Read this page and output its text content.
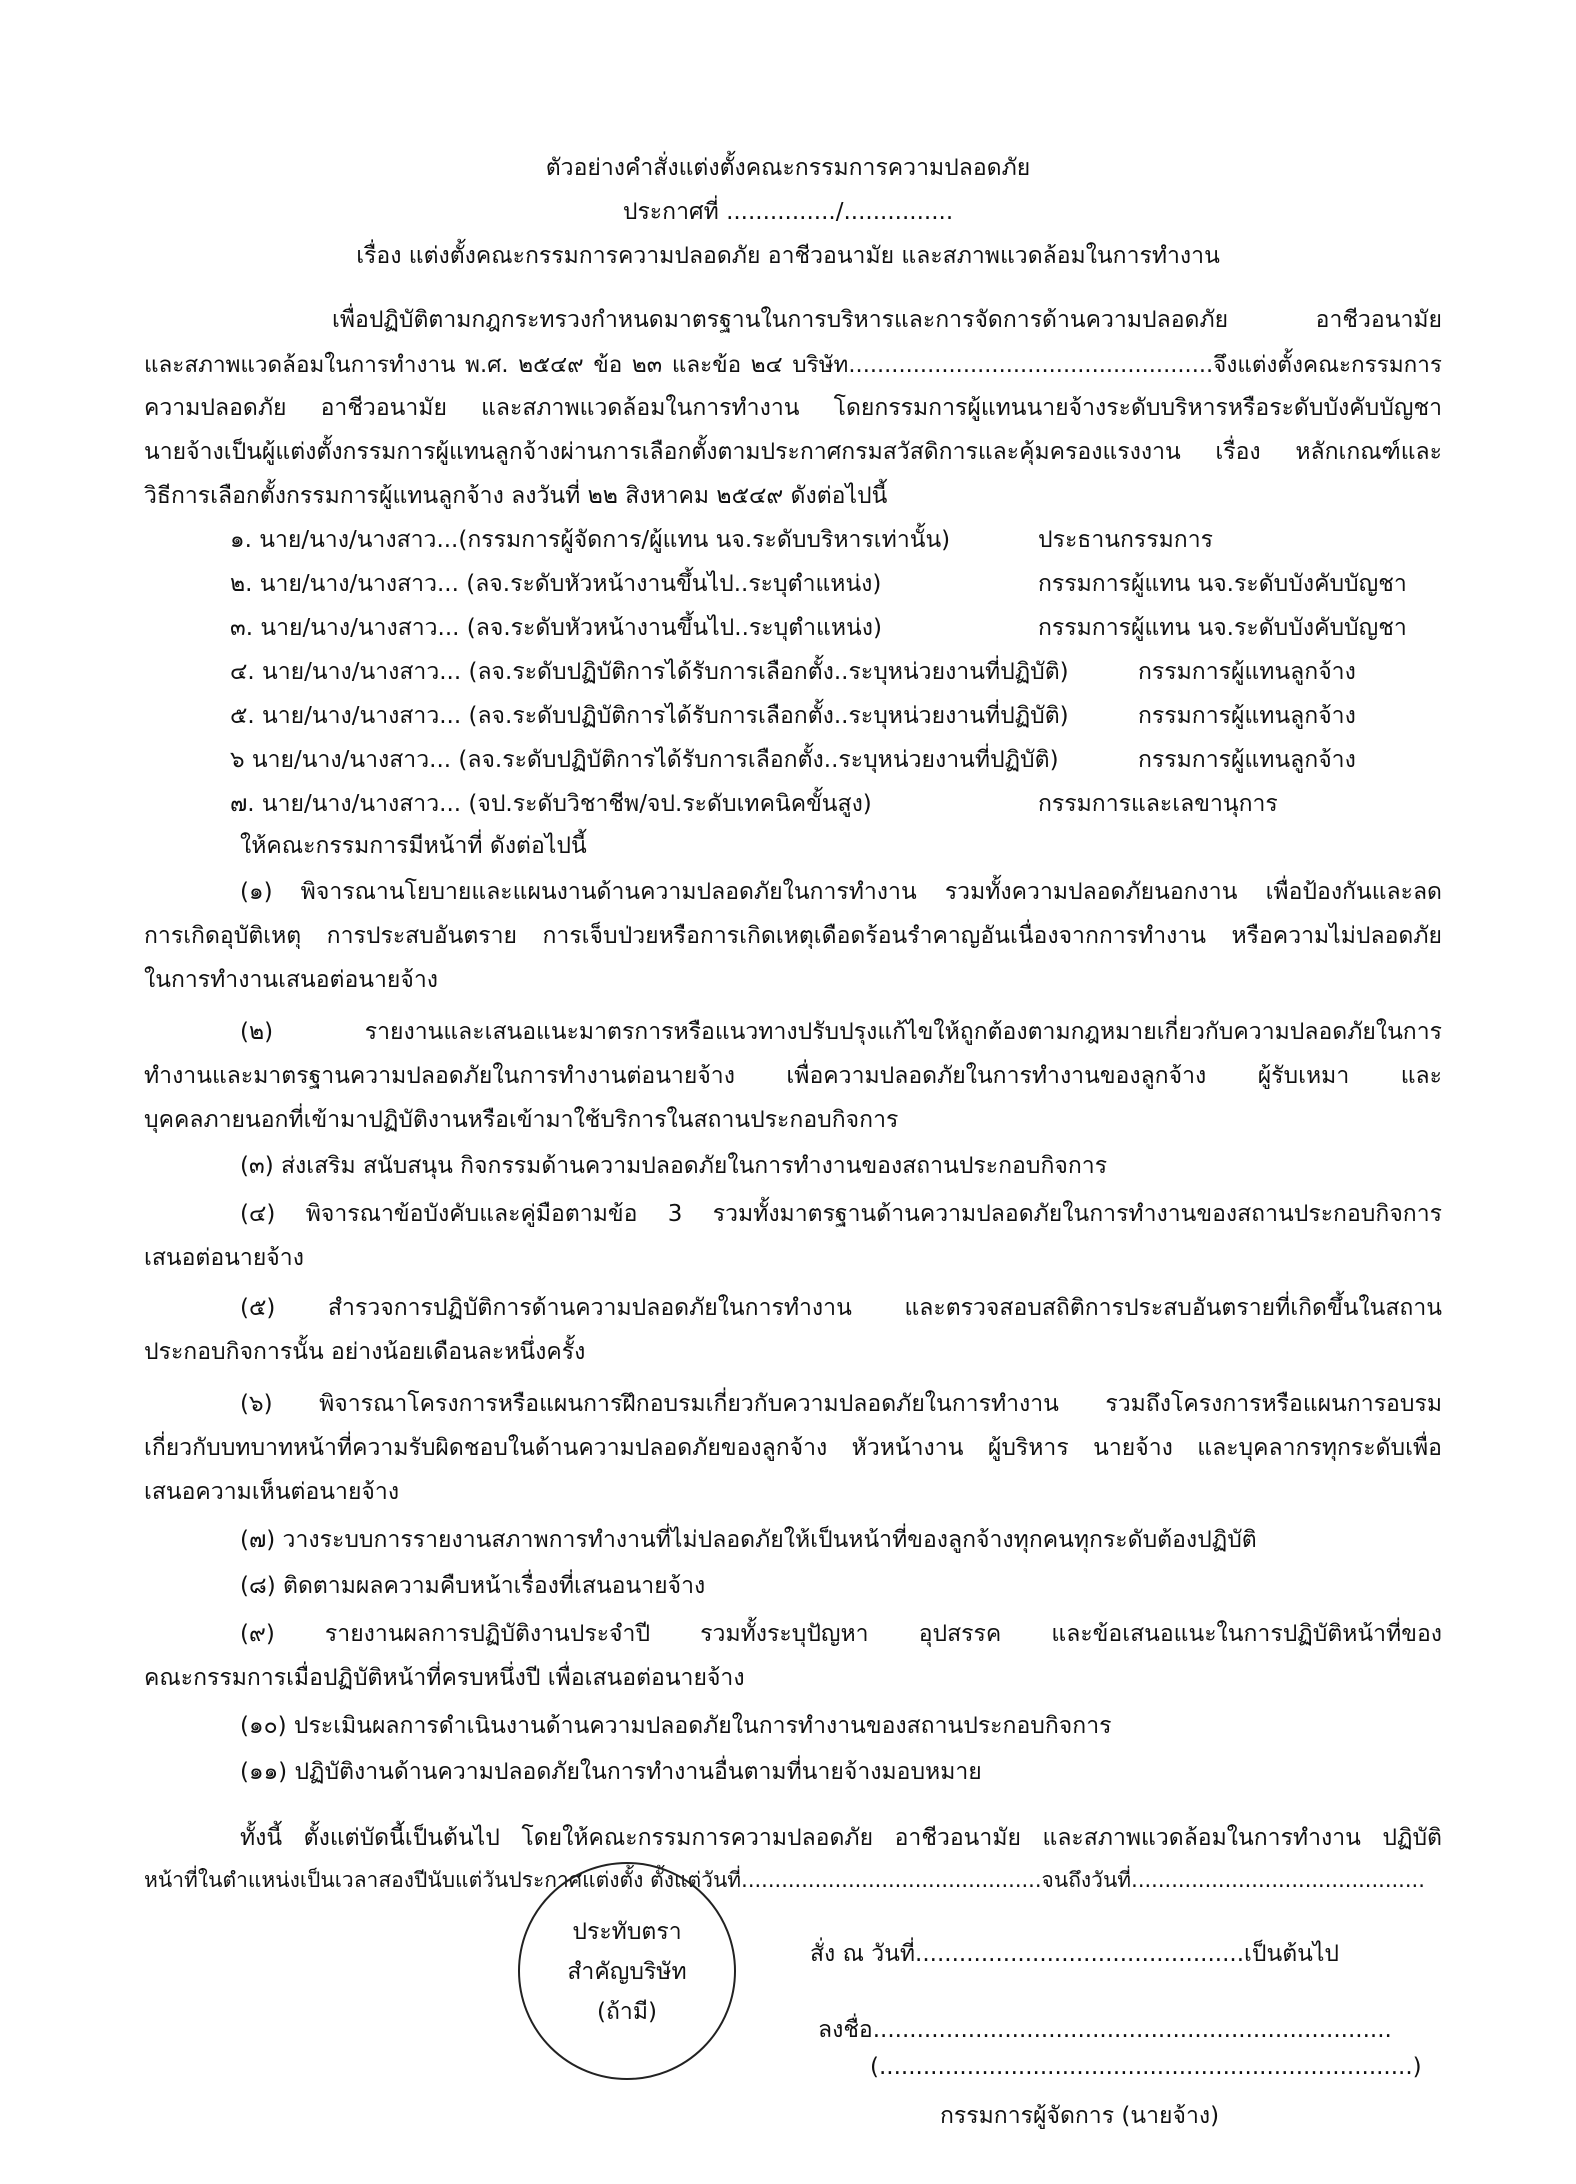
ตัวอย่างคำสั่งแต่งตั้งคณะกรรมการความปลอดภัย
ประกาศที่ .............../...............
เรื่อง แต่งตั้งคณะกรรมการความปลอดภัย อาชีวอนามัย และสภาพแวดล้อมในการทำงาน
เพื่อปฏิบัติตามกฎกระทรวงกำหนดมาตรฐานในการบริหารและการจัดการด้านความปลอดภัย อาชีวอนามัย
และสภาพแวดล้อมในการทำงาน พ.ศ. ๒๕๔๙ ข้อ ๒๓ และข้อ ๒๔ บริษัท...................................................จึงแต่งตั้งคณะกรรมการ
ความปลอดภัย อาชีวอนามัย และสภาพแวดล้อมในการทำงาน โดยกรรมการผู้แทนนายจ้างระดับบริหารหรือระดับบังคับบัญชา
นายจ้างเป็นผู้แต่งตั้งกรรมการผู้แทนลูกจ้างผ่านการเลือกตั้งตามประกาศกรมสวัสดิการและคุ้มครองแรงงาน เรื่อง หลักเกณฑ์และ
วิธีการเลือกตั้งกรรมการผู้แทนลูกจ้าง ลงวันที่ ๒๒ สิงหาคม ๒๕๔๙ ดังต่อไปนี้
๑. นาย/นาง/นางสาว...(กรรมการผู้จัดการ/ผู้แทน นจ.ระดับบริหารเท่านั้น)	ประธานกรรมการ
๒. นาย/นาง/นางสาว... (ลจ.ระดับหัวหน้างานขึ้นไป..ระบุตำแหน่ง)	กรรมการผู้แทน นจ.ระดับบังคับบัญชา
๓. นาย/นาง/นางสาว... (ลจ.ระดับหัวหน้างานขึ้นไป..ระบุตำแหน่ง)	กรรมการผู้แทน นจ.ระดับบังคับบัญชา
๔. นาย/นาง/นางสาว... (ลจ.ระดับปฏิบัติการได้รับการเลือกตั้ง..ระบุหน่วยงานที่ปฏิบัติ)	กรรมการผู้แทนลูกจ้าง
๕. นาย/นาง/นางสาว... (ลจ.ระดับปฏิบัติการได้รับการเลือกตั้ง..ระบุหน่วยงานที่ปฏิบัติ)	กรรมการผู้แทนลูกจ้าง
๖ นาย/นาง/นางสาว... (ลจ.ระดับปฏิบัติการได้รับการเลือกตั้ง..ระบุหน่วยงานที่ปฏิบัติ)	กรรมการผู้แทนลูกจ้าง
๗. นาย/นาง/นางสาว... (จป.ระดับวิชาชีพ/จป.ระดับเทคนิคขั้นสูง)	กรรมการและเลขานุการ
ให้คณะกรรมการมีหน้าที่ ดังต่อไปนี้
(๑) พิจารณานโยบายและแผนงานด้านความปลอดภัยในการทำงาน รวมทั้งความปลอดภัยนอกงาน เพื่อป้องกันและลด
การเกิดอุบัติเหตุ การประสบอันตราย การเจ็บป่วยหรือการเกิดเหตุเดือดร้อนรำคาญอันเนื่องจากการทำงาน หรือความไม่ปลอดภัย
ในการทำงานเสนอต่อนายจ้าง
(๒) รายงานและเสนอแนะมาตรการหรือแนวทางปรับปรุงแก้ไขให้ถูกต้องตามกฎหมายเกี่ยวกับความปลอดภัยในการ
ทำงานและมาตรฐานความปลอดภัยในการทำงานต่อนายจ้าง เพื่อความปลอดภัยในการทำงานของลูกจ้าง ผู้รับเหมา และ
บุคคลภายนอกที่เข้ามาปฏิบัติงานหรือเข้ามาใช้บริการในสถานประกอบกิจการ
(๓) ส่งเสริม สนับสนุน กิจกรรมด้านความปลอดภัยในการทำงานของสถานประกอบกิจการ
(๔) พิจารณาข้อบังคับและคู่มือตามข้อ 3 รวมทั้งมาตรฐานด้านความปลอดภัยในการทำงานของสถานประกอบกิจการ
เสนอต่อนายจ้าง
(๕) สำรวจการปฏิบัติการด้านความปลอดภัยในการทำงาน และตรวจสอบสถิติการประสบอันตรายที่เกิดขึ้นในสถาน
ประกอบกิจการนั้น อย่างน้อยเดือนละหนึ่งครั้ง
(๖) พิจารณาโครงการหรือแผนการฝึกอบรมเกี่ยวกับความปลอดภัยในการทำงาน รวมถึงโครงการหรือแผนการอบรม
เกี่ยวกับบทบาทหน้าที่ความรับผิดชอบในด้านความปลอดภัยของลูกจ้าง หัวหน้างาน ผู้บริหาร นายจ้าง และบุคลากรทุกระดับเพื่อ
เสนอความเห็นต่อนายจ้าง
(๗) วางระบบการรายงานสภาพการทำงานที่ไม่ปลอดภัยให้เป็นหน้าที่ของลูกจ้างทุกคนทุกระดับต้องปฏิบัติ
(๘) ติดตามผลความคืบหน้าเรื่องที่เสนอนายจ้าง
(๙) รายงานผลการปฏิบัติงานประจำปี รวมทั้งระบุปัญหา อุปสรรค และข้อเสนอแนะในการปฏิบัติหน้าที่ของ
คณะกรรมการเมื่อปฏิบัติหน้าที่ครบหนึ่งปี เพื่อเสนอต่อนายจ้าง
(๑๐) ประเมินผลการดำเนินงานด้านความปลอดภัยในการทำงานของสถานประกอบกิจการ
(๑๑) ปฏิบัติงานด้านความปลอดภัยในการทำงานอื่นตามที่นายจ้างมอบหมาย
ทั้งนี้ ตั้งแต่บัดนี้เป็นต้นไป โดยให้คณะกรรมการความปลอดภัย อาชีวอนามัย และสภาพแวดล้อมในการทำงาน ปฏิบัติ
หน้าที่ในตำแหน่งเป็นเวลาสองปีนับแต่วันประกาศแต่งตั้ง ตั้งแต่วันที่.............................................จนถึงวันที่............................................
ประทับตรา
สำคัญบริษัท
(ถ้ามี)
สั่ง ณ วันที่.............................................เป็นต้นไป
ลงชื่อ.......................................................................
(.........................................................................)
กรรมการผู้จัดการ (นายจ้าง)
